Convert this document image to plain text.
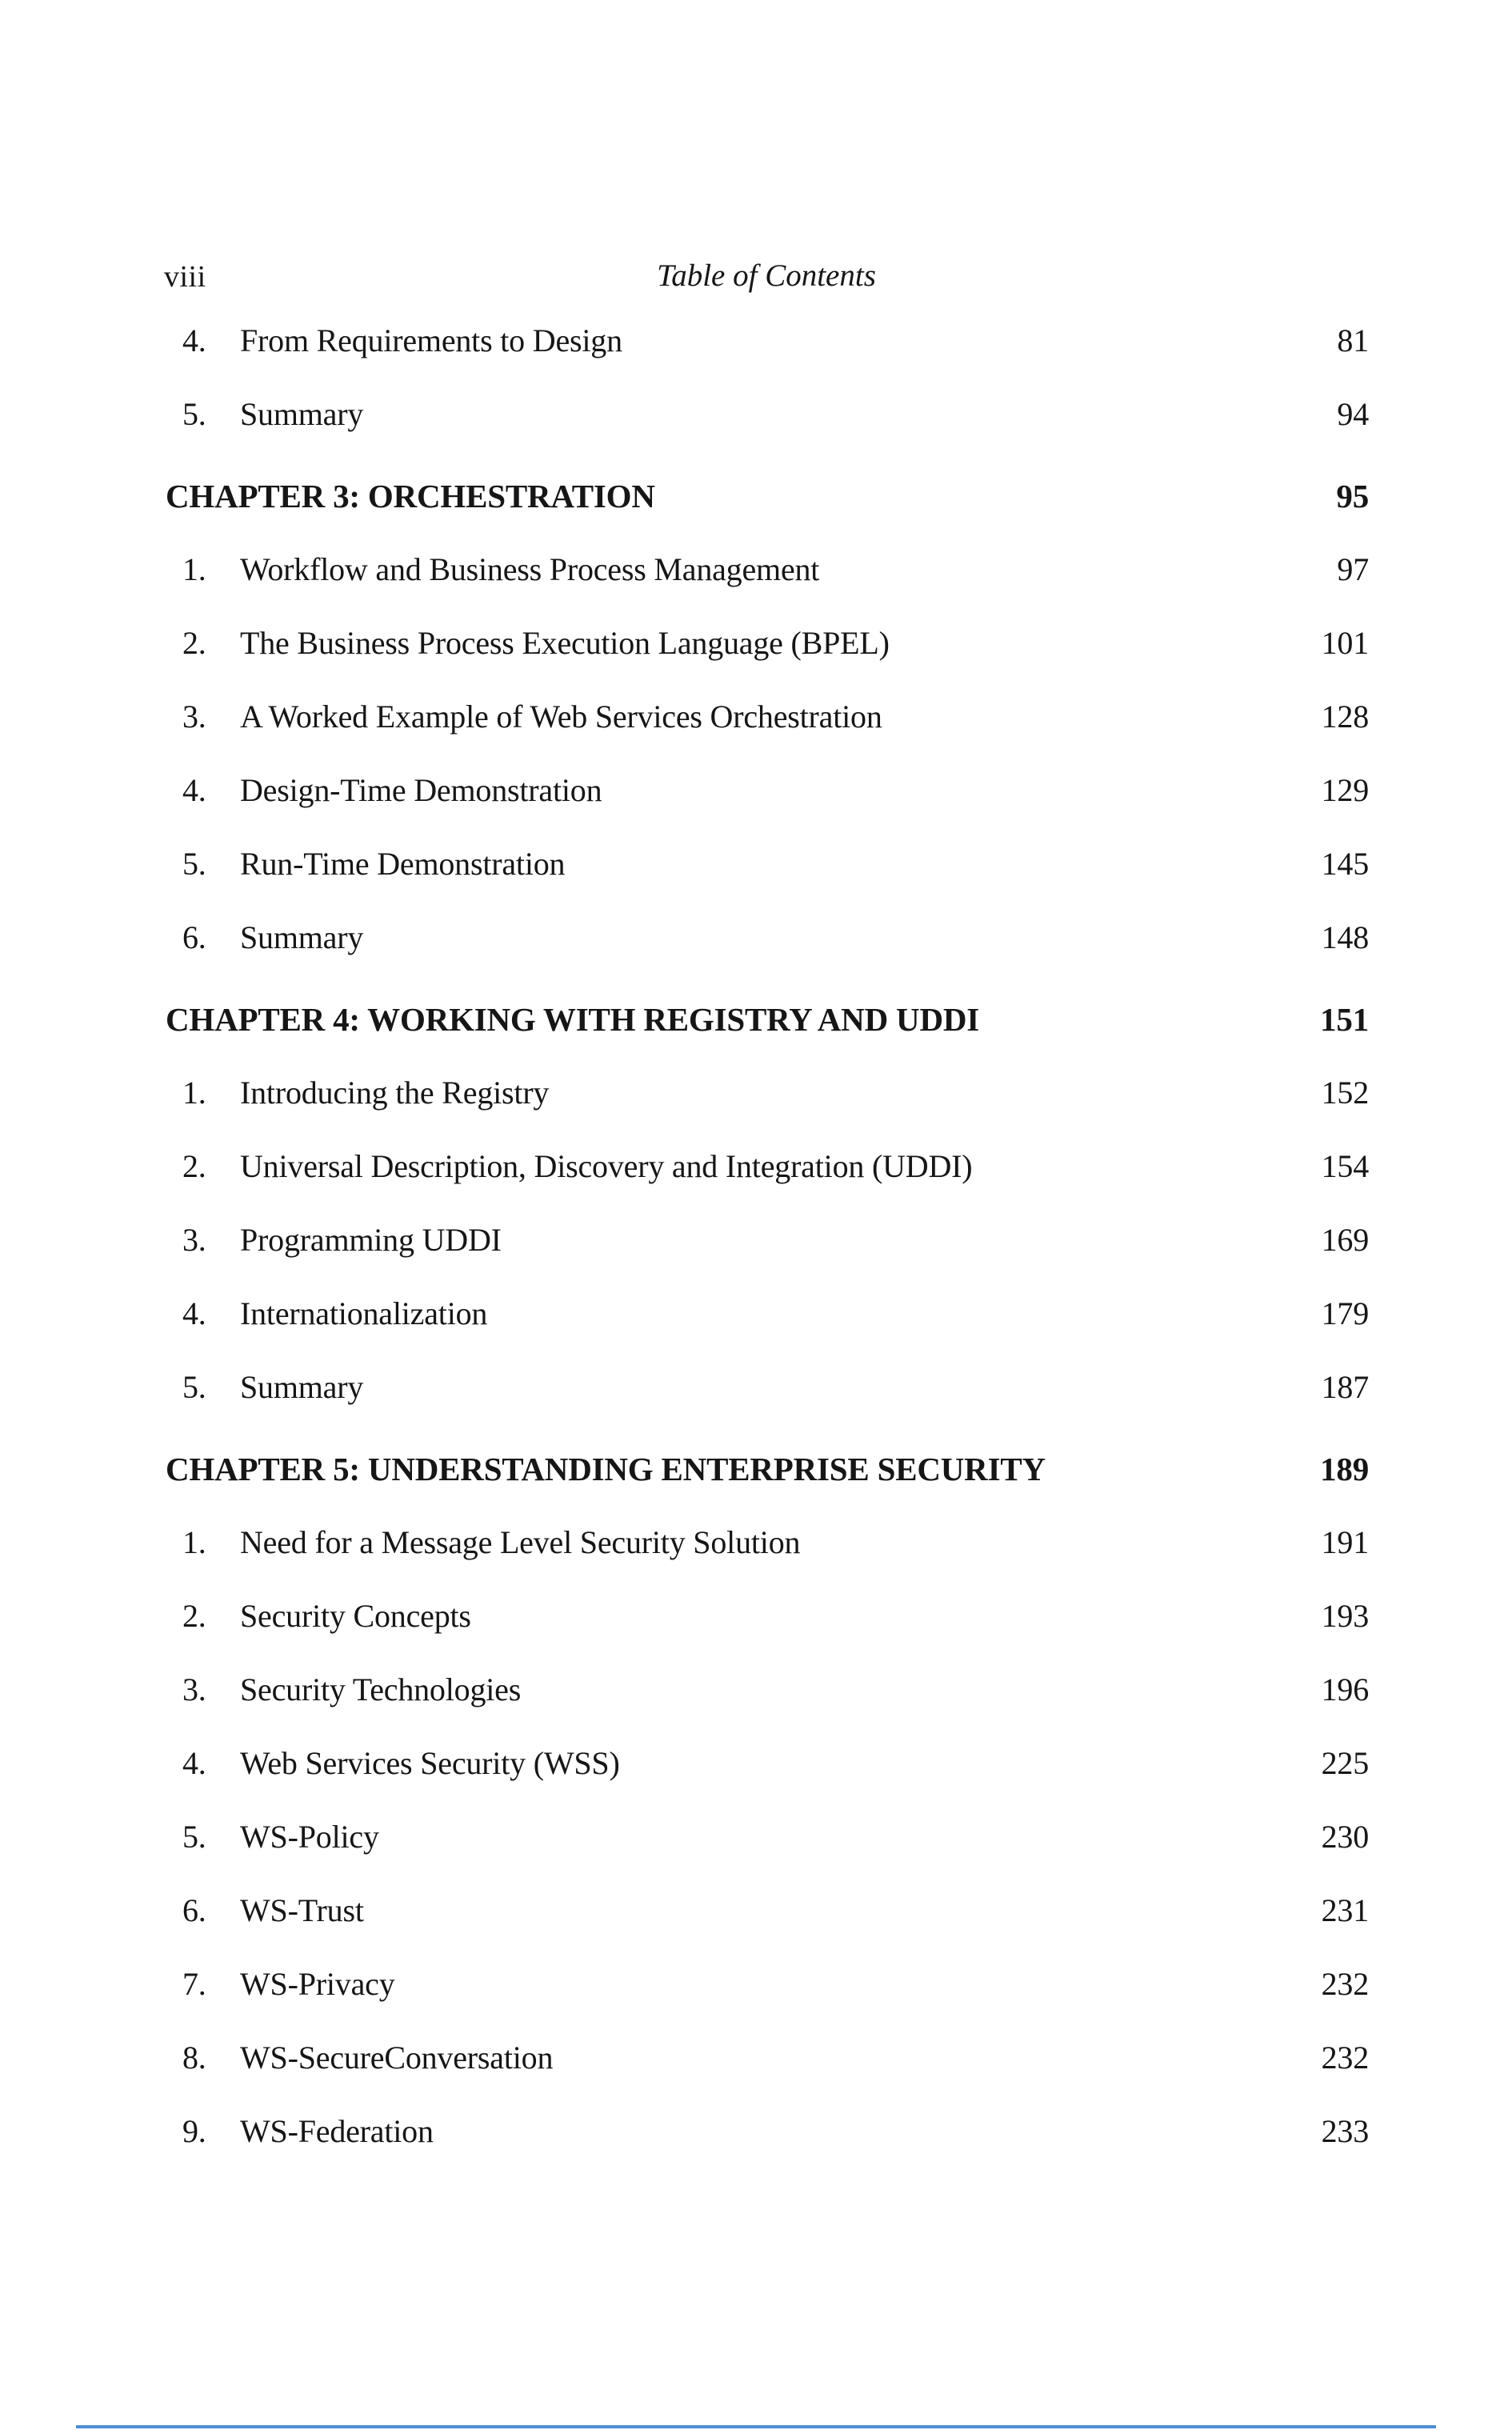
viii	Table of Contents
4.	From Requirements to Design	81
5.	Summary	94
CHAPTER 3: ORCHESTRATION	95
1.	Workflow and Business Process Management	97
2.	The Business Process Execution Language (BPEL)	101
3.	A Worked Example of Web Services Orchestration	128
4.	Design-Time Demonstration	129
5.	Run-Time Demonstration	145
6.	Summary	148
CHAPTER 4: WORKING WITH REGISTRY AND UDDI	151
1.	Introducing the Registry	152
2.	Universal Description, Discovery and Integration (UDDI)	154
3.	Programming UDDI	169
4.	Internationalization	179
5.	Summary	187
CHAPTER 5: UNDERSTANDING ENTERPRISE SECURITY	189
1.	Need for a Message Level Security Solution	191
2.	Security Concepts	193
3.	Security Technologies	196
4.	Web Services Security (WSS)	225
5.	WS-Policy	230
6.	WS-Trust	231
7.	WS-Privacy	232
8.	WS-SecureConversation	232
9.	WS-Federation	233
